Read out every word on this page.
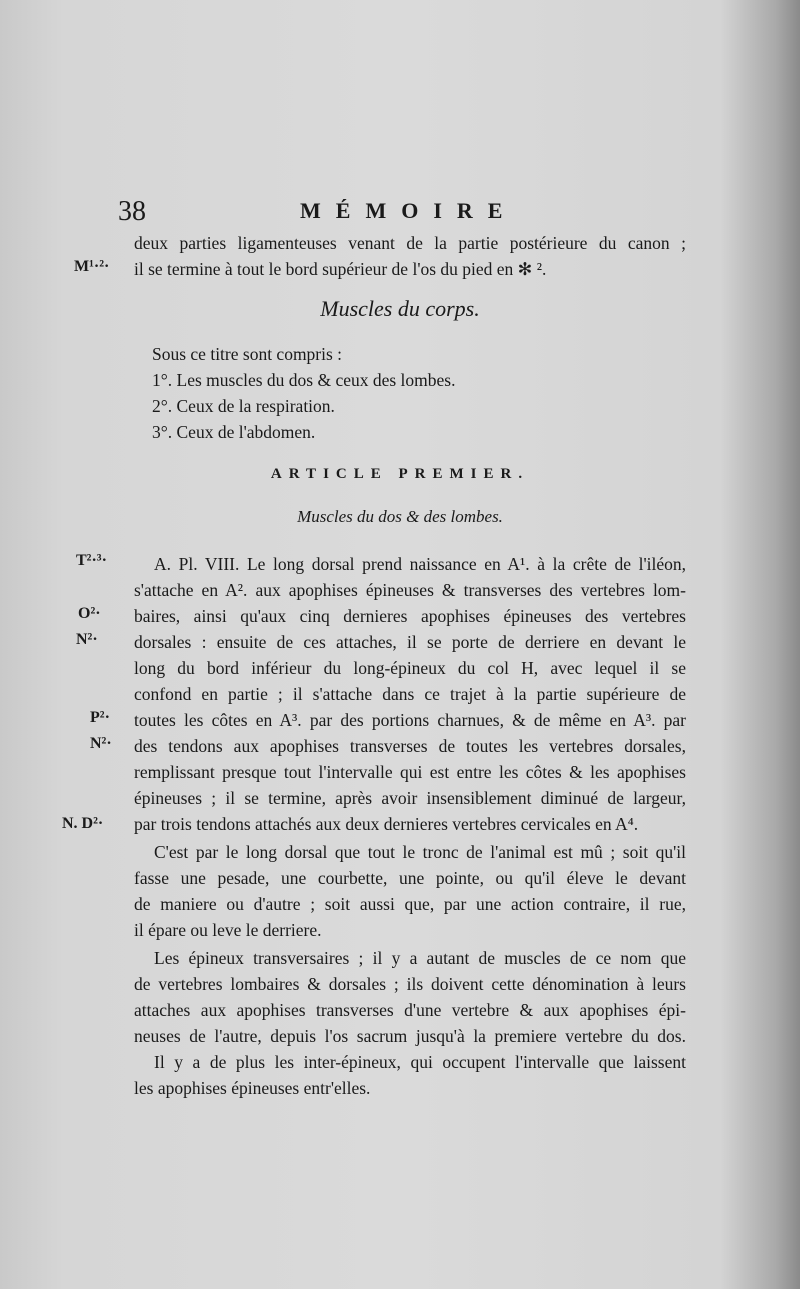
38	MÉMOIRE
deux parties ligamenteuses venant de la partie postérieure du canon ;
il se termine à tout le bord supérieur de l'os du pied en ✻ ².
M¹·²·
Muscles du corps.
Sous ce titre sont compris :
1°. Les muscles du dos & ceux des lombes.
2°. Ceux de la respiration.
3°. Ceux de l'abdomen.
ARTICLE PREMIER.
Muscles du dos & des lombes.
T²·³·
O²·
N²·
P²·
N²·
N. D²·
A. Pl. VIII. Le long dorsal prend naissance en A¹. à la crête de l'iléon,
s'attache en A². aux apophises épineuses & transverses des vertebres lom-
baires, ainsi qu'aux cinq dernieres apophises épineuses des vertebres
dorsales : ensuite de ces attaches, il se porte de derriere en devant le
long du bord inférieur du long-épineux du col H, avec lequel il se
confond en partie ; il s'attache dans ce trajet à la partie supérieure de
toutes les côtes en A³. par des portions charnues, & de même en A³. par
des tendons aux apophises transverses de toutes les vertebres dorsales,
remplissant presque tout l'intervalle qui est entre les côtes & les apophises
épineuses ; il se termine, après avoir insensiblement diminué de largeur,
par trois tendons attachés aux deux dernieres vertebres cervicales en A⁴.
C'est par le long dorsal que tout le tronc de l'animal est mû ; soit qu'il
fasse une pesade, une courbette, une pointe, ou qu'il éleve le devant
de maniere ou d'autre ; soit aussi que, par une action contraire, il rue,
il épare ou leve le derriere.
Les épineux transversaires ; il y a autant de muscles de ce nom que
de vertebres lombaires & dorsales ; ils doivent cette dénomination à leurs
attaches aux apophises transverses d'une vertebre & aux apophises épi-
neuses de l'autre, depuis l'os sacrum jusqu'à la premiere vertebre du dos.
Il y a de plus les inter-épineux, qui occupent l'intervalle que laissent
les apophises épineuses entr'elles.
